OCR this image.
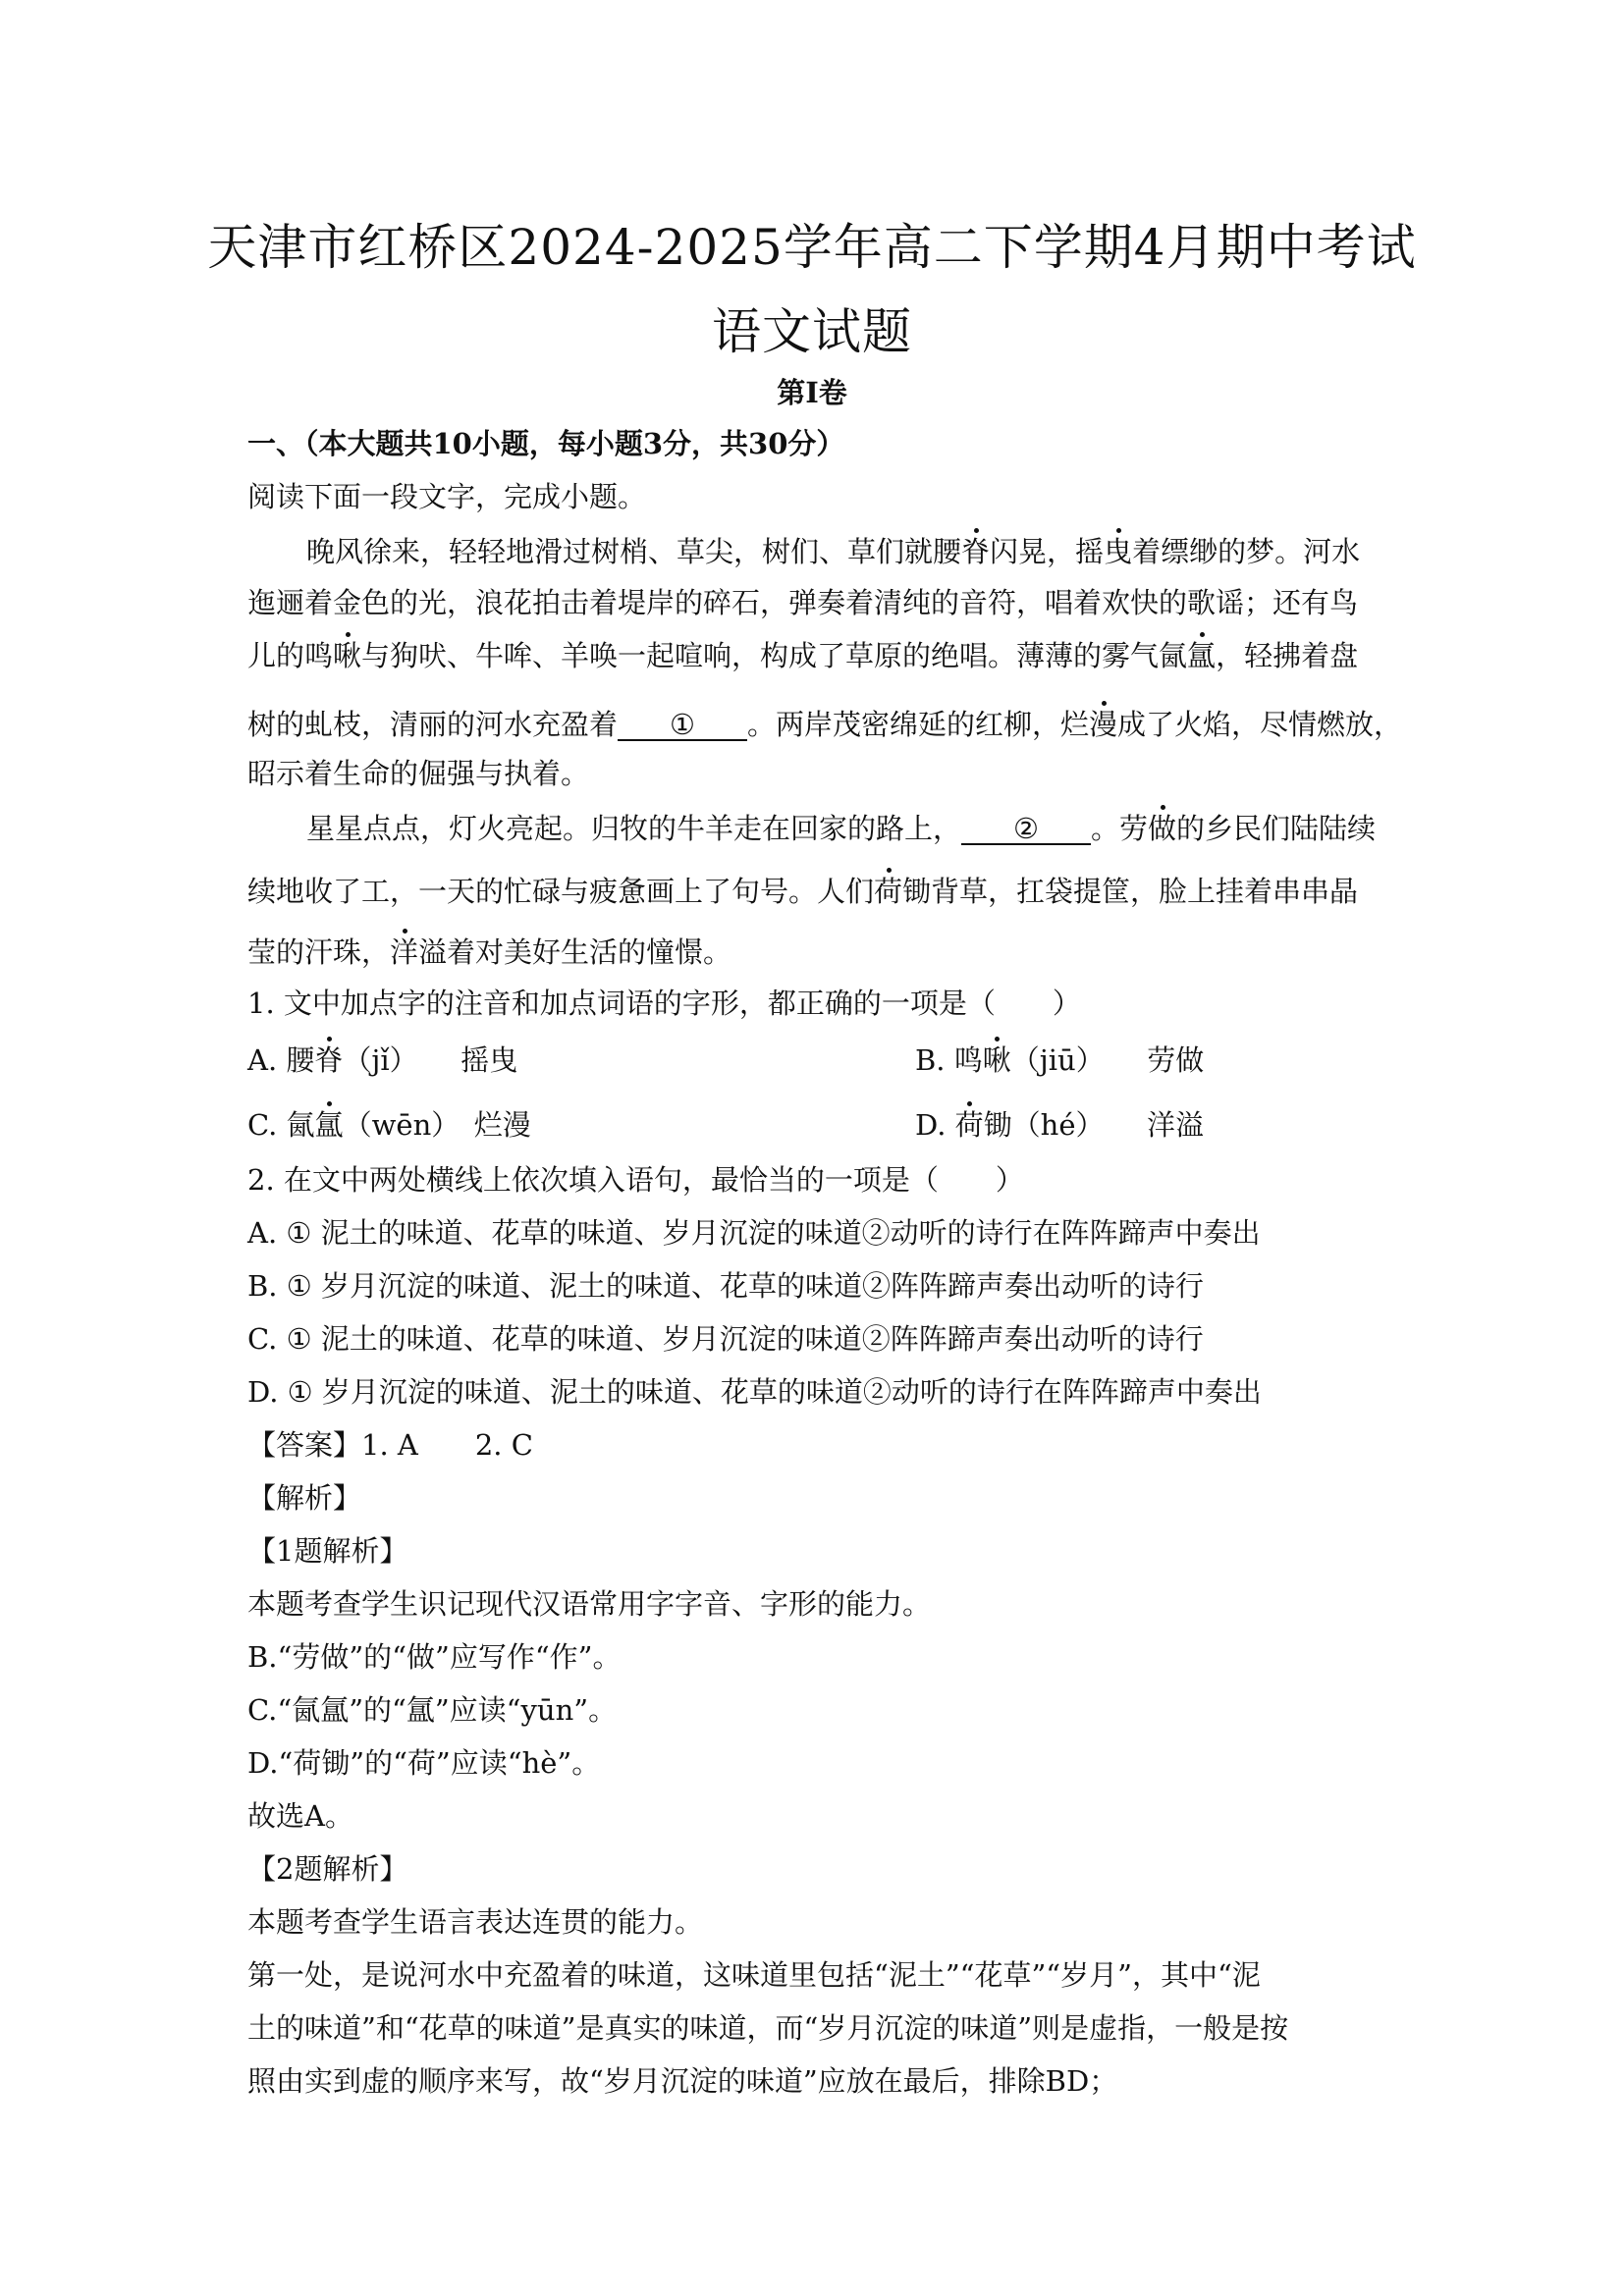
天津市红桥区2024-2025学年高二下学期4月期中考试
语文试题
第I卷
一、（本大题共10小题，每小题3分，共30分）
阅读下面一段文字，完成小题。
晚风徐来，轻轻地滑过树梢、草尖，树们、草们就腰 脊 闪晃，摇 曳 着缥缈的梦。河水
迤逦着金色的光，浪花拍击着堤岸的碎石，弹奏着清纯的音符，唱着欢快的歌谣；还有鸟
儿的鸣 啾 与狗吠、牛哞、羊唤一起喧响，构成了草原的绝唱。薄薄的雾气氤 氲 ，轻拂着盘
树的虬枝，清丽的河水充盈着 ① 。两岸茂密绵延的红柳，烂 漫 成了火焰，尽情燃放，
昭示着生命的倔强与执着。
星星点点，灯火亮起。归牧的牛羊走在回家的路上， ② 。劳 做 的乡民们陆陆续
续地收了工，一天的忙碌与疲惫画上了句号。人们 荷 锄背草，扛袋提筐，脸上挂着串串晶
莹的汗珠， 洋 溢着对美好生活的憧憬。
1. 文中加点字的注音和加点词语的字形，都正确的一项是（　　）
A. 腰 脊 （jǐ）　　摇曳	B. 鸣 啾 （jiū）　　劳做
C. 氤 氲 （wēn）　烂漫	D. 荷锄（hé）　　洋溢
2. 在文中两处横线上依次填入语句，最恰当的一项是（　　）
A. ① 泥土的味道、花草的味道、岁月沉淀的味道②动听的诗行在阵阵蹄声中奏出
B. ① 岁月沉淀的味道、泥土的味道、花草的味道②阵阵蹄声奏出动听的诗行
C. ① 泥土的味道、花草的味道、岁月沉淀的味道②阵阵蹄声奏出动听的诗行
D. ① 岁月沉淀的味道、泥土的味道、花草的味道②动听的诗行在阵阵蹄声中奏出
【答案】1. A　　2. C
【解析】
【1题解析】
本题考查学生识记现代汉语常用字字音、字形的能力。
B.“劳做”的“做”应写作“作”。
C.“氤氲”的“氲”应读“yūn”。
D.“荷锄”的“荷”应读“hè”。
故选A。
【2题解析】
本题考查学生语言表达连贯的能力。
第一处，是说河水中充盈着的味道，这味道里包括“泥土”“花草”“岁月”，其中“泥
土的味道”和“花草的味道”是真实的味道，而“岁月沉淀的味道”则是虚指，一般是按
照由实到虚的顺序来写，故“岁月沉淀的味道”应放在最后，排除BD；
